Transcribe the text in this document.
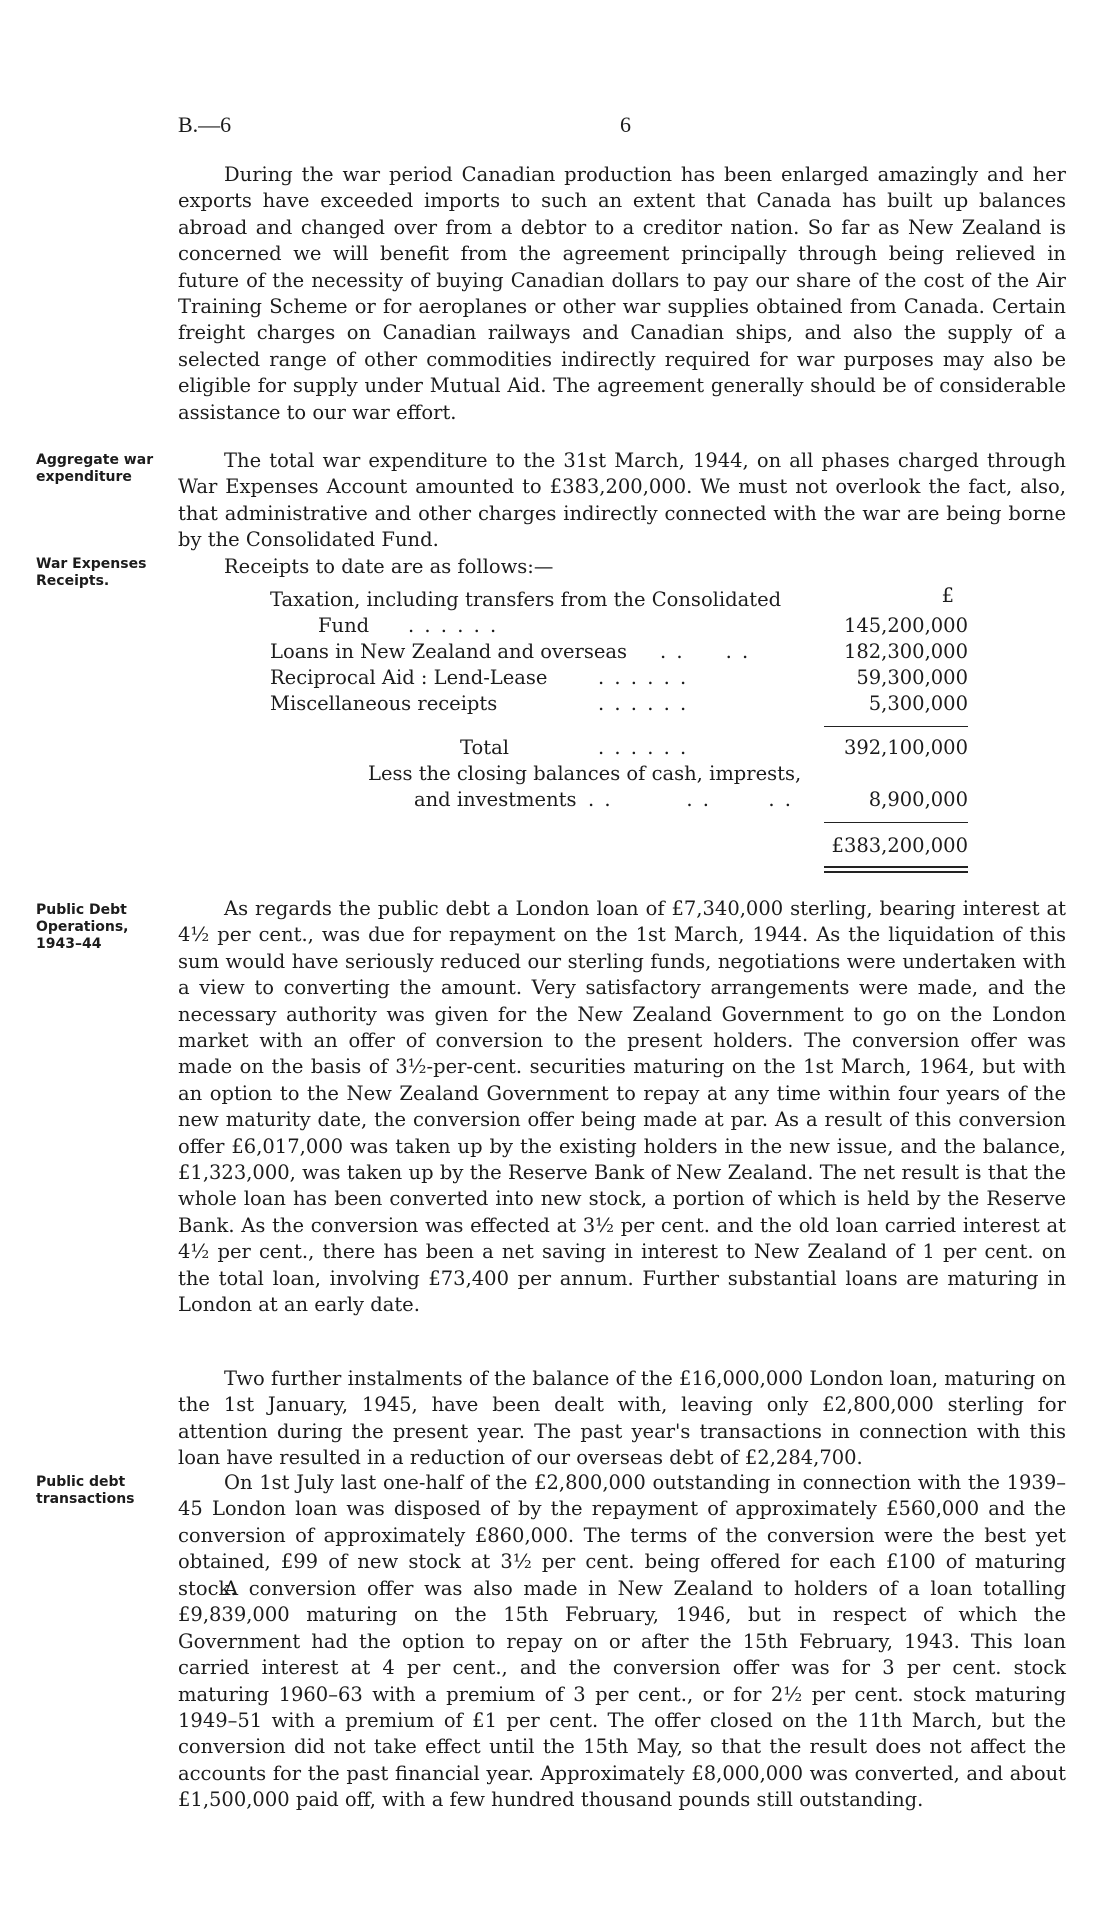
B.—6	6

During the war period Canadian production has been enlarged amazingly and her exports have exceeded imports to such an extent that Canada has built up balances abroad and changed over from a debtor to a creditor nation. So far as New Zealand is concerned we will benefit from the agreement principally through being relieved in future of the necessity of buying Canadian dollars to pay our share of the cost of the Air Training Scheme or for aeroplanes or other war supplies obtained from Canada. Certain freight charges on Canadian railways and Canadian ships, and also the supply of a selected range of other commodities indirectly required for war purposes may also be eligible for supply under Mutual Aid. The agreement generally should be of considerable assistance to our war effort.

Aggregate war expenditure

The total war expenditure to the 31st March, 1944, on all phases charged through War Expenses Account amounted to £383,200,000. We must not overlook the fact, also, that administrative and other charges indirectly connected with the war are being borne by the Consolidated Fund.

War Expenses Receipts.

Receipts to date are as follows:—

£
Taxation, including transfers from the Consolidated
Fund . . . . . .	145,200,000
Loans in New Zealand and overseas . .     . .	182,300,000
Reciprocal Aid : Lend-Lease	. . . . . .	59,300,000
Miscellaneous receipts	. . . . . .	5,300,000
Total	. . . . . .	392,100,000
Less the closing balances of cash, imprests,
and investments . .         . .       . .	8,900,000
£383,200,000
Public Debt Operations, 1943–44

As regards the public debt a London loan of £7,340,000 sterling, bearing interest at 4½ per cent., was due for repayment on the 1st March, 1944. As the liquidation of this sum would have seriously reduced our sterling funds, negotiations were undertaken with a view to converting the amount. Very satisfactory arrangements were made, and the necessary authority was given for the New Zealand Government to go on the London market with an offer of conversion to the present holders. The conversion offer was made on the basis of 3½-per-cent. securities maturing on the 1st March, 1964, but with an option to the New Zealand Government to repay at any time within four years of the new maturity date, the conversion offer being made at par. As a result of this conversion offer £6,017,000 was taken up by the existing holders in the new issue, and the balance, £1,323,000, was taken up by the Reserve Bank of New Zealand. The net result is that the whole loan has been converted into new stock, a portion of which is held by the Reserve Bank. As the conversion was effected at 3½ per cent. and the old loan carried interest at 4½ per cent., there has been a net saving in interest to New Zealand of 1 per cent. on the total loan, involving £73,400 per annum. Further substantial loans are maturing in London at an early date.

Two further instalments of the balance of the £16,000,000 London loan, maturing on the 1st January, 1945, have been dealt with, leaving only £2,800,000 sterling for attention during the present year. The past year's transactions in connection with this loan have resulted in a reduction of our overseas debt of £2,284,700.

Public debt transactions

On 1st July last one-half of the £2,800,000 outstanding in connection with the 1939–45 London loan was disposed of by the repayment of approximately £560,000 and the conversion of approximately £860,000. The terms of the conversion were the best yet obtained, £99 of new stock at 3½ per cent. being offered for each £100 of maturing stock.

A conversion offer was also made in New Zealand to holders of a loan totalling £9,839,000 maturing on the 15th February, 1946, but in respect of which the Government had the option to repay on or after the 15th February, 1943. This loan carried interest at 4 per cent., and the conversion offer was for 3 per cent. stock maturing 1960–63 with a premium of 3 per cent., or for 2½ per cent. stock maturing 1949–51 with a premium of £1 per cent. The offer closed on the 11th March, but the conversion did not take effect until the 15th May, so that the result does not affect the accounts for the past financial year. Approximately £8,000,000 was converted, and about £1,500,000 paid off, with a few hundred thousand pounds still outstanding.
